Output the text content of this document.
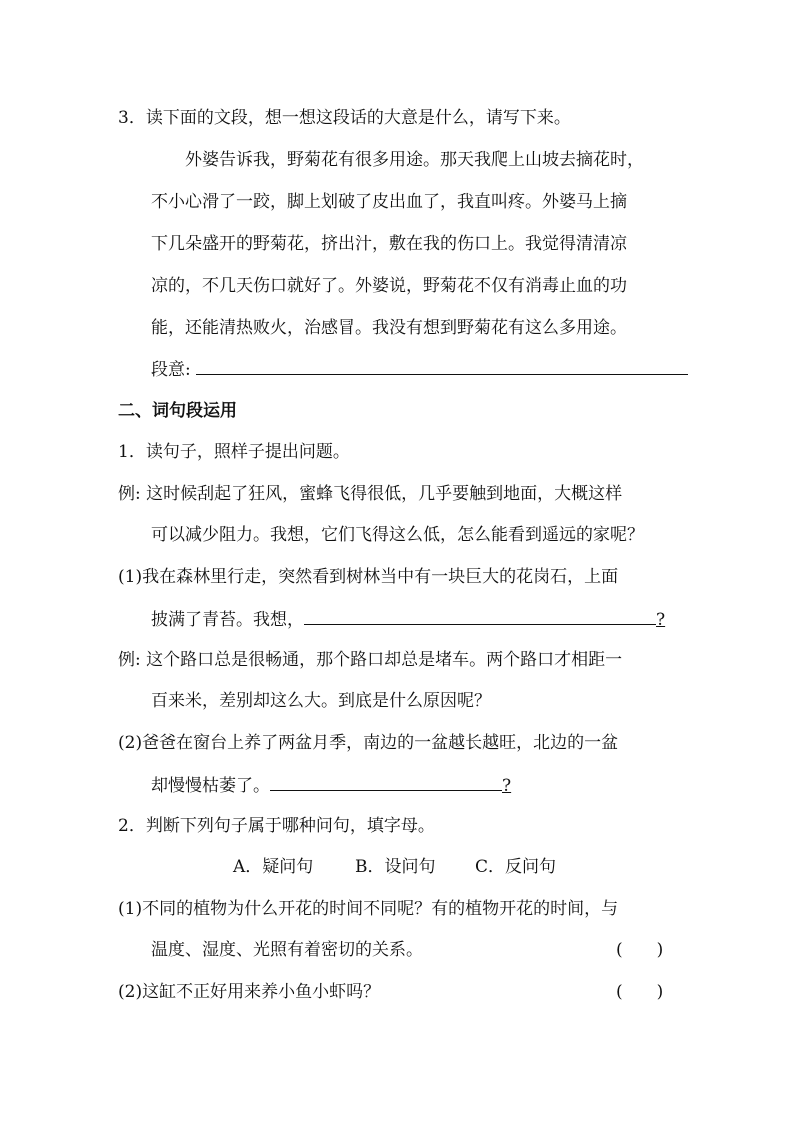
3．读下面的文段，想一想这段话的大意是什么，请写下来。
外婆告诉我，野菊花有很多用途。那天我爬上山坡去摘花时，
不小心滑了一跤，脚上划破了皮出血了，我直叫疼。外婆马上摘
下几朵盛开的野菊花，挤出汁，敷在我的伤口上。我觉得清清凉
凉的，不几天伤口就好了。外婆说，野菊花不仅有消毒止血的功
能，还能清热败火，治感冒。我没有想到野菊花有这么多用途。
段意:
二、词句段运用
1．读句子，照样子提出问题。
例: 这时候刮起了狂风，蜜蜂飞得很低，几乎要触到地面，大概这样
可以减少阻力。我想，它们飞得这么低，怎么能看到遥远的家呢？
(1)我在森林里行走，突然看到树林当中有一块巨大的花岗石，上面
披满了青苔。我想，	?
例: 这个路口总是很畅通，那个路口却总是堵车。两个路口才相距一
百来米，差别却这么大。到底是什么原因呢？
(2)爸爸在窗台上养了两盆月季，南边的一盆越长越旺，北边的一盆
却慢慢枯萎了。	?
2．判断下列句子属于哪种问句，填字母。
A．疑问句 B．设问句 C．反问句
(1)不同的植物为什么开花的时间不同呢？有的植物开花的时间，与
温度、湿度、光照有着密切的关系。	(　　)
(2)这缸不正好用来养小鱼小虾吗？	(　　)
